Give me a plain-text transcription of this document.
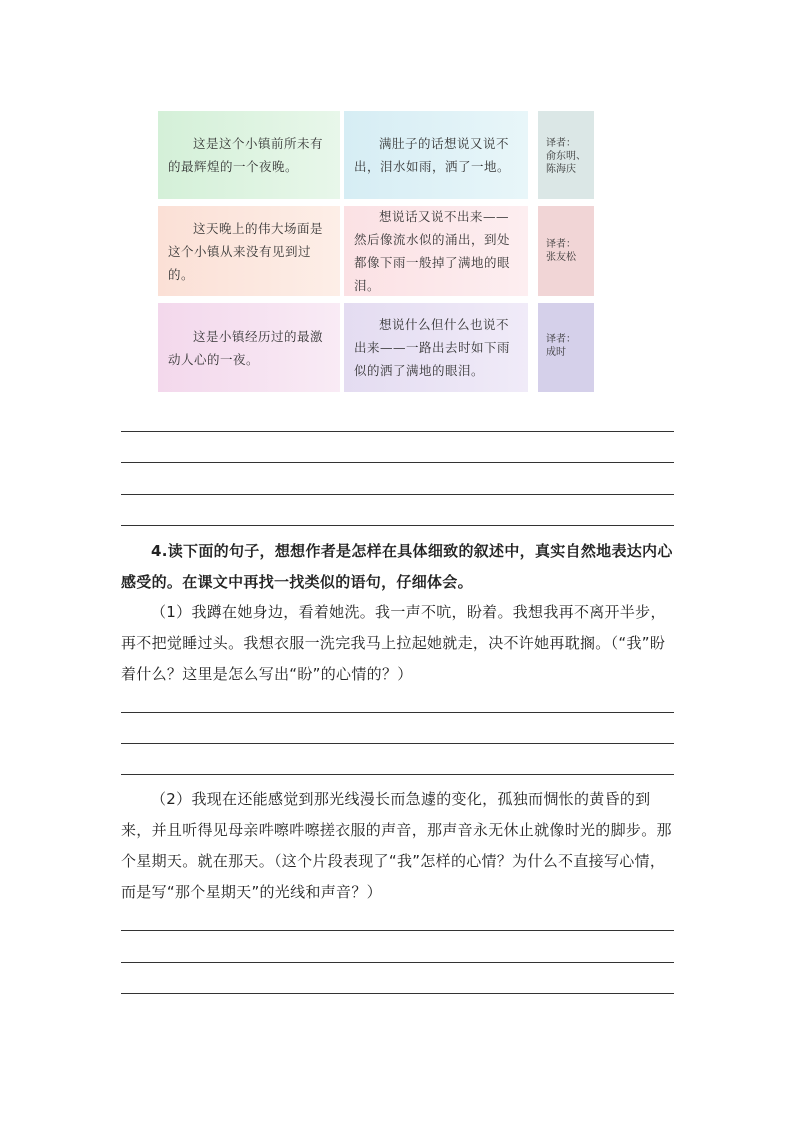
这是这个小镇前所未有的最辉煌的一个夜晚。
满肚子的话想说又说不出，泪水如雨，洒了一地。
译者：
俞东明、陈海庆
这天晚上的伟大场面是这个小镇从来没有见到过的。
想说话又说不出来——然后像流水似的涌出，到处都像下雨一般掉了满地的眼泪。
译者：
张友松
这是小镇经历过的最激动人心的一夜。
想说什么但什么也说不出来——一路出去时如下雨似的洒了满地的眼泪。
译者：
成时
4.读下面的句子，想想作者是怎样在具体细致的叙述中，真实自然地表达内心感受的。在课文中再找一找类似的语句，仔细体会。
（1）我蹲在她身边，看着她洗。我一声不吭，盼着。我想我再不离开半步，再不把觉睡过头。我想衣服一洗完我马上拉起她就走，决不许她再耽搁。（“我”盼着什么？这里是怎么写出“盼”的心情的？）
（2）我现在还能感觉到那光线漫长而急遽的变化，孤独而惆怅的黄昏的到来，并且听得见母亲吽嚓吽嚓搓衣服的声音，那声音永无休止就像时光的脚步。那个星期天。就在那天。（这个片段表现了“我”怎样的心情？为什么不直接写心情，而是写“那个星期天”的光线和声音？）
